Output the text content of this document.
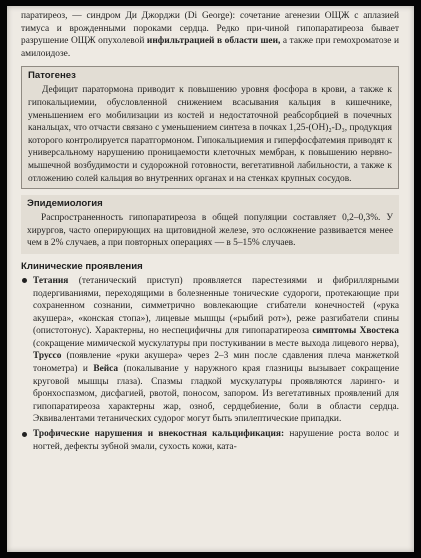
паратиреоз, — синдром Ди Джорджи (Di George): сочетание агенезии ОЩЖ с аплазией тимуса и врожденными пороками сердца. Редко при-чиной гипопаратиреоза бывает разрушение ОЩЖ опухолевой инфильтрацией в области шеи, а также при гемохроматозе и амилоидозе.

Патогенез

Дефицит паратормона приводит к повышению уровня фосфора в крови, а также к гипокальциемии, обусловленной снижением всасывания кальция в кишечнике, уменьшением его мобилизации из костей и недостаточной реабсорбцией в почечных канальцах, что отчасти связано с уменьшением синтеза в почках 1,25-(OH)₂-D₃, продукция которого контролируется паратгормоном. Гипокальциемия и гиперфосфатемия приводят к универсальному нарушению проницаемости клеточных мембран, к повышению нервно-мышечной возбудимости и судорожной готовности, вегетативной лабильности, а также к отложению солей кальция во внутренних органах и на стенках крупных сосудов.

Эпидемиология

Распространенность гипопаратиреоза в общей популяции составляет 0,2–0,3%. У хирургов, часто оперирующих на щитовидной железе, это осложнение развивается менее чем в 2% случаев, а при повторных операциях — в 5–15% случаев.

Клинические проявления
Тетания (тетанический приступ) проявляется парестезиями и фибриллярными подергиваниями, переходящими в болезненные тонические судороги, протекающие при сохраненном сознании, симметрично вовлекающие сгибатели конечностей («рука акушера», «конская стопа»), лицевые мышцы («рыбий рот»), реже разгибатели спины (опистотонус). Характерны, но неспецифичны для гипопаратиреоза симптомы Хвостека (сокращение мимической мускулатуры при постукивании в месте выхода лицевого нерва), Труссо (появление «руки акушера» через 2–3 мин после сдавления плеча манжеткой тонометра) и Вейса (покалывание у наружного края глазницы вызывает сокращение круговой мышцы глаза). Спазмы гладкой мускулатуры проявляются ларинго- и бронхоспазмом, дисфагией, рвотой, поносом, запором. Из вегетативных проявлений для гипопаратиреоза характерны жар, озноб, сердцебиение, боли в области сердца. Эквивалентами тетанических судорог могут быть эпилептические припадки.
Трофические нарушения и внекостная кальцификация: нарушение роста волос и ногтей, дефекты зубной эмали, сухость кожи, ката-
